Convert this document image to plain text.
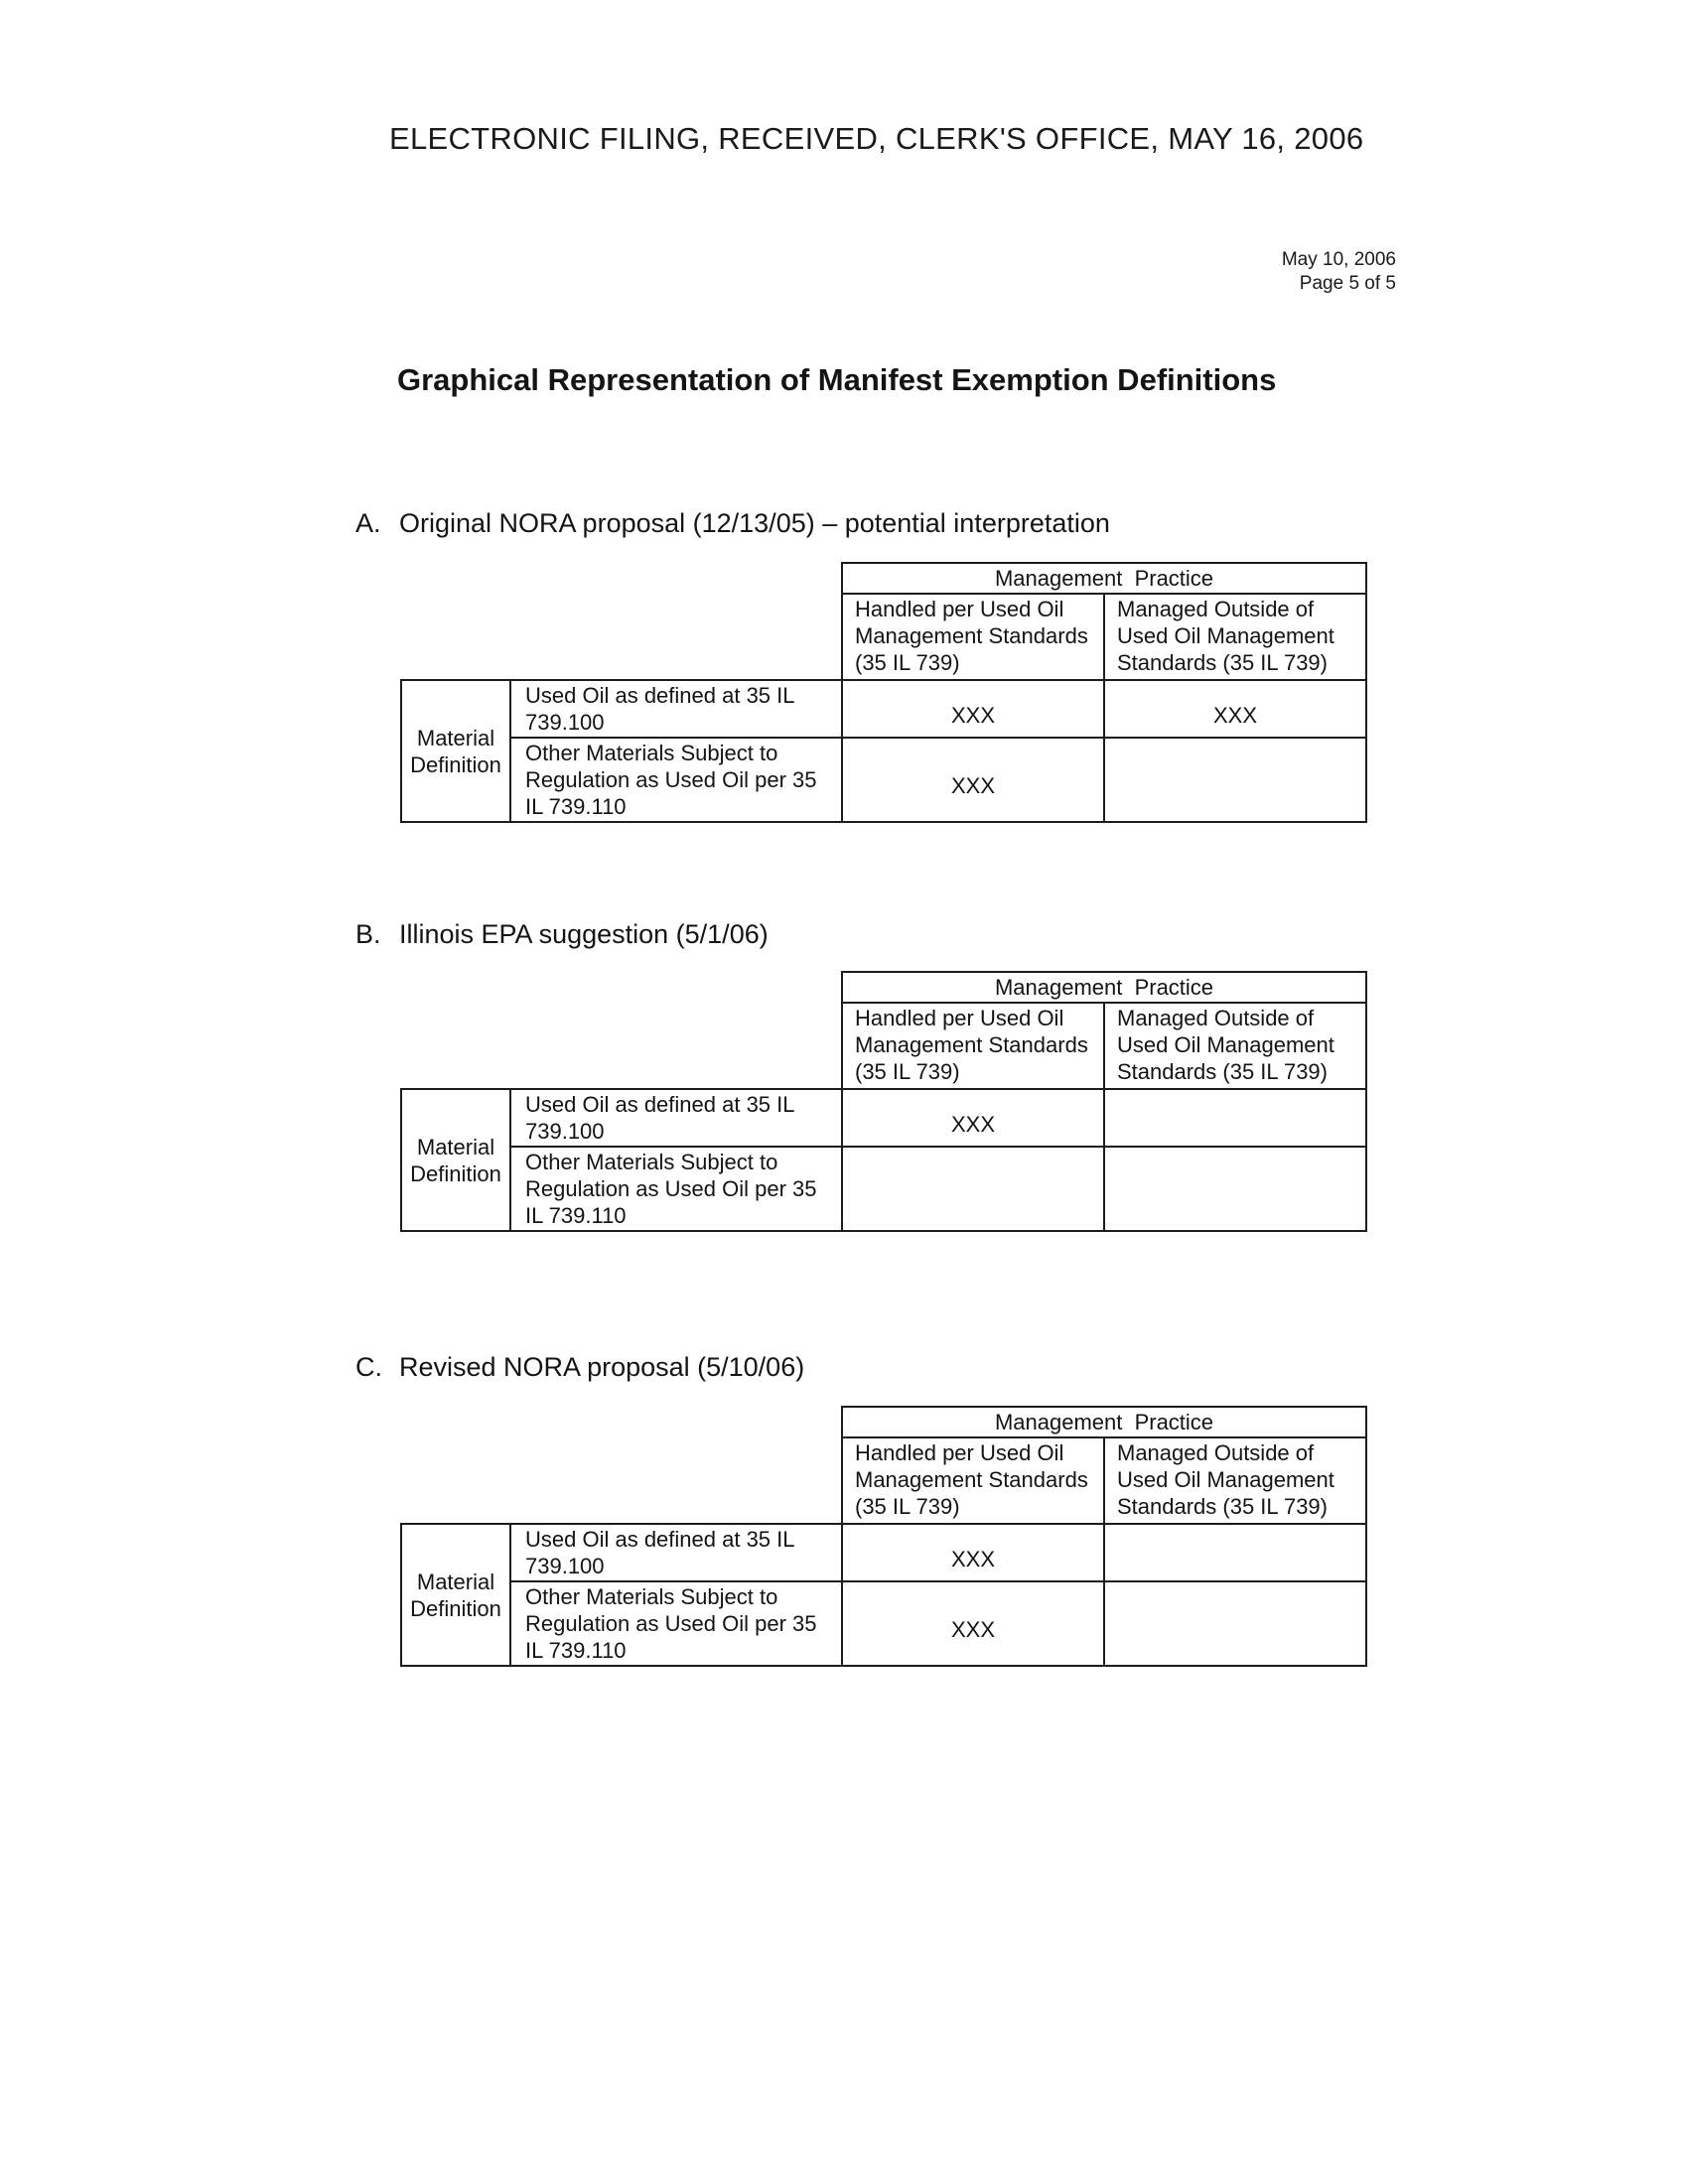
ELECTRONIC FILING, RECEIVED, CLERK'S OFFICE, MAY 16, 2006
May 10, 2006
Page 5 of 5
Graphical Representation of Manifest Exemption Definitions
A. Original NORA proposal (12/13/05) – potential interpretation
		Management  Practice	
		Handled per Used Oil Management Standards (35 IL 739)	Managed Outside of Used Oil Management Standards (35 IL 739)
Material Definition	Used Oil as defined at 35 IL 739.100	XXX	XXX
	Other Materials Subject to Regulation as Used Oil per 35 IL 739.110	XXX	
B. Illinois EPA suggestion (5/1/06)
		Management  Practice	
		Handled per Used Oil Management Standards (35 IL 739)	Managed Outside of Used Oil Management Standards (35 IL 739)
Material Definition	Used Oil as defined at 35 IL 739.100	XXX	
	Other Materials Subject to Regulation as Used Oil per 35 IL 739.110		
C. Revised NORA proposal (5/10/06)
		Management  Practice	
		Handled per Used Oil Management Standards (35 IL 739)	Managed Outside of Used Oil Management Standards (35 IL 739)
Material Definition	Used Oil as defined at 35 IL 739.100	XXX	
	Other Materials Subject to Regulation as Used Oil per 35 IL 739.110	XXX	
